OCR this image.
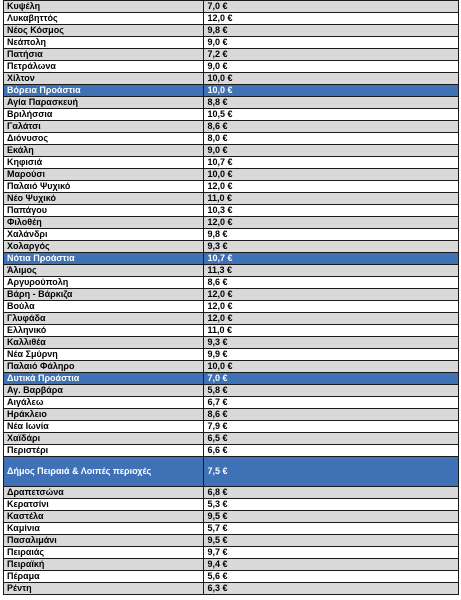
Κυψέλη	7,0 €
Λυκαβηττός	12,0 €
Νέος Κόσμος	9,8 €
Νεάπολη	9,0 €
Πατήσια	7,2 €
Πετράλωνα	9,0 €
Χίλτον	10,0 €
Βόρεια Προάστια	10,0 €
Αγία Παρασκευή	8,8 €
Βριλήσσια	10,5 €
Γαλάτσι	8,6 €
Διόνυσος	8,0 €
Εκάλη	9,0 €
Κηφισιά	10,7 €
Μαρούσι	10,0 €
Παλαιό Ψυχικό	12,0 €
Νέο Ψυχικό	11,0 €
Παπάγου	10,3 €
Φιλοθέη	12,0 €
Χαλάνδρι	9,8 €
Χολαργός	9,3 €
Νότια Προάστια	10,7 €
Άλιμος	11,3 €
Αργυρούπολη	8,6 €
Βάρη - Βάρκιζα	12,0 €
Βούλα	12,0 €
Γλυφάδα	12,0 €
Ελληνικό	11,0 €
Καλλιθέα	9,3 €
Νέα Σμύρνη	9,9 €
Παλαιό Φάληρο	10,0 €
Δυτικά Προάστια	7,0 €
Αγ. Βαρβάρα	5,8 €
Αιγάλεω	6,7 €
Ηράκλειο	8,6 €
Νέα Ιωνία	7,9 €
Χαϊδάρι	6,5 €
Περιστέρι	6,6 €
Δήμος Πειραιά & Λοιπές περιοχές	7,5 €
Δραπετσώνα	6,8 €
Κερατσίνι	5,3 €
Καστέλα	9,5 €
Καμίνια	5,7 €
Πασαλιμάνι	9,5 €
Πειραιάς	9,7 €
Πειραϊκή	9,4 €
Πέραμα	5,6 €
Ρέντη	6,3 €
